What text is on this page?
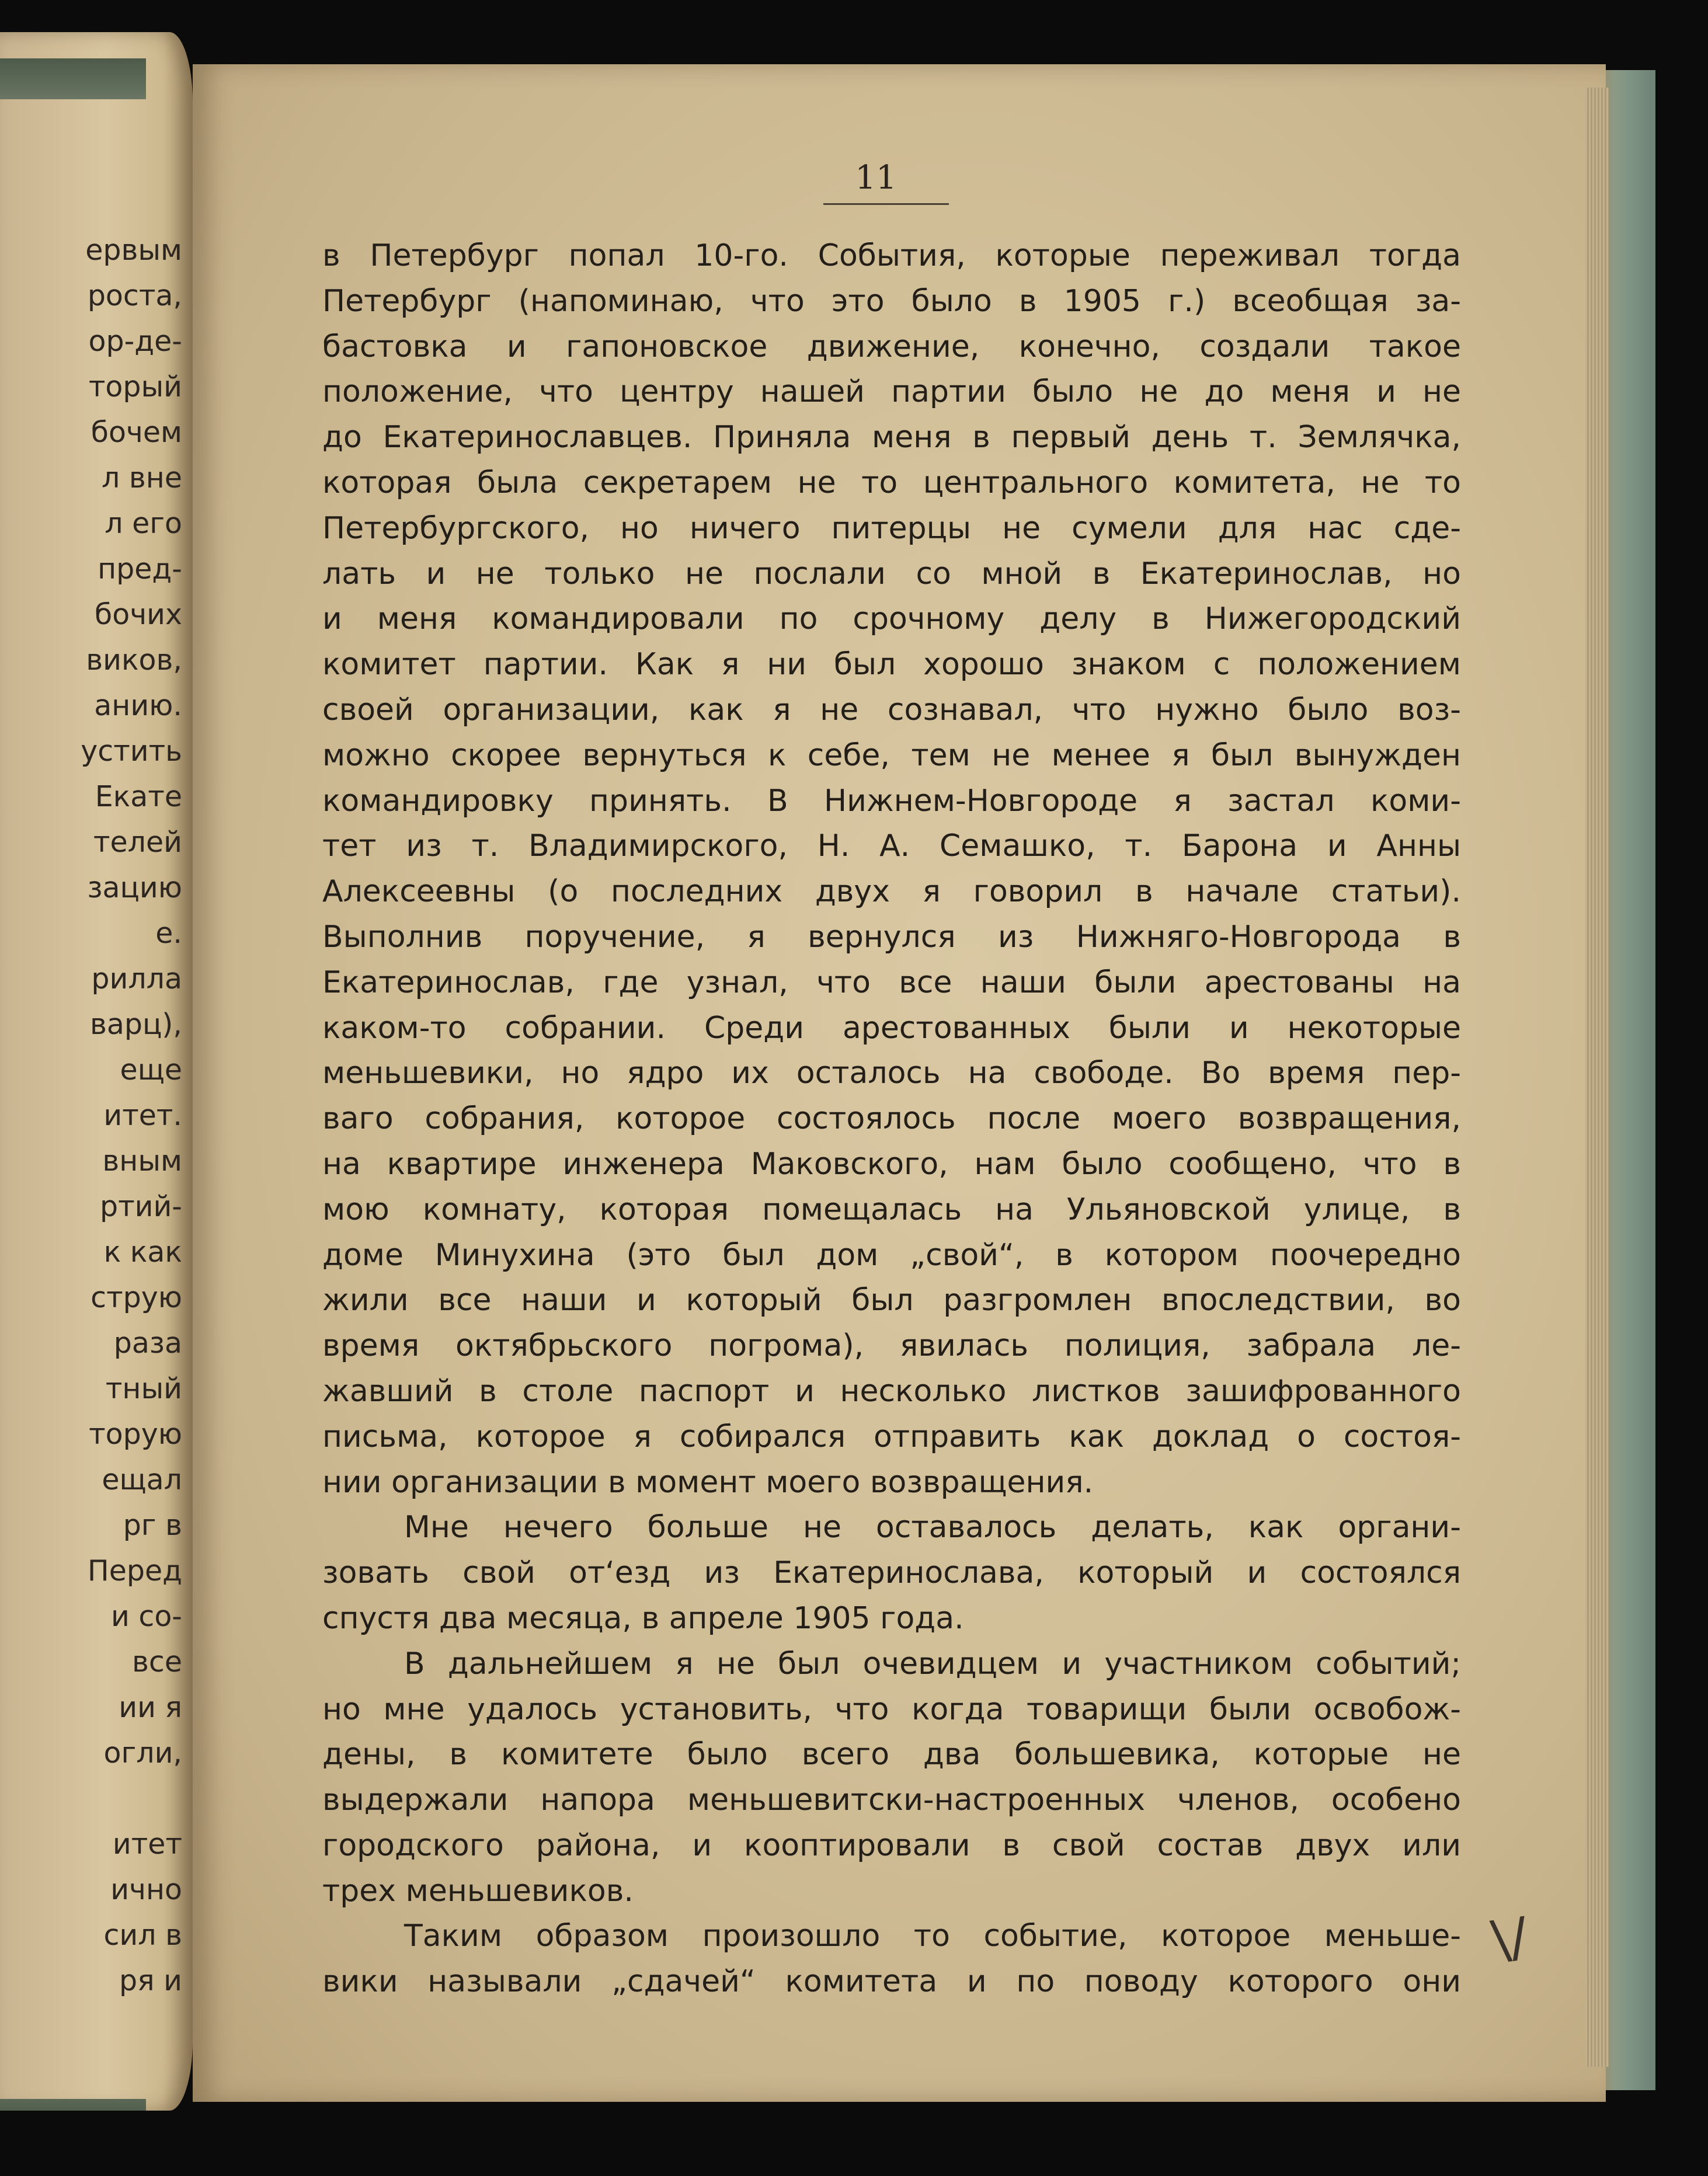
ервым
роста,
ор-де-
торый
бочем
л вне
л его
пред-
бочих
виков,
анию.
устить
Екате
телей
зацию
е.
рилла
варц),
еще
итет.
вным
ртий-
к как
струю
раза
тный
торую
ещал
рг в
Перед
и со-
все
ии я
огли,
итет
ично
сил в
ря и
11
в Петербург попал 10-го. События, которые переживал тогда
Петербург (напоминаю, что это было в 1905 г.) всеобщая за-
бастовка и гапоновское движение, конечно, создали такое
положение, что центру нашей партии было не до меня и не
до Екатеринославцев. Приняла меня в первый день т. Землячка,
которая была секретарем не то центрального комитета, не то
Петербургского, но ничего питерцы не сумели для нас сде-
лать и не только не послали со мной в Екатеринослав, но
и меня командировали по срочному делу в Нижегородский
комитет партии. Как я ни был хорошо знаком с положением
своей организации, как я не сознавал, что нужно было воз-
можно скорее вернуться к себе, тем не менее я был вынужден
командировку принять. В Нижнем-Новгороде я застал коми-
тет из т. Владимирского, Н. А. Семашко, т. Барона и Анны
Алексеевны (о последних двух я говорил в начале статьи).
Выполнив поручение, я вернулся из Нижняго-Новгорода в
Екатеринослав, где узнал, что все наши были арестованы на
каком-то собрании. Среди арестованных были и некоторые
меньшевики, но ядро их осталось на свободе. Во время пер-
ваго собрания, которое состоялось после моего возвращения,
на квартире инженера Маковского, нам было сообщено, что в
мою комнату, которая помещалась на Ульяновской улице, в
доме Минухина (это был дом „свой“, в котором поочередно
жили все наши и который был разгромлен впоследствии, во
время октябрьского погрома), явилась полиция, забрала ле-
жавший в столе паспорт и несколько листков зашифрованного
письма, которое я собирался отправить как доклад о состоя-
нии организации в момент моего возвращения.
Мне нечего больше не оставалось делать, как органи-
зовать свой от‘езд из Екатеринослава, который и состоялся
спустя два месяца, в апреле 1905 года.
В дальнейшем я не был очевидцем и участником событий;
но мне удалось установить, что когда товарищи были освобож-
дены, в комитете было всего два большевика, которые не
выдержали напора меньшевитски-настроенных членов, особено
городского района, и кооптировали в свой состав двух или
трех меньшевиков.
Таким образом произошло то событие, которое меньше-
вики называли „сдачей“ комитета и по поводу которого они
\/
